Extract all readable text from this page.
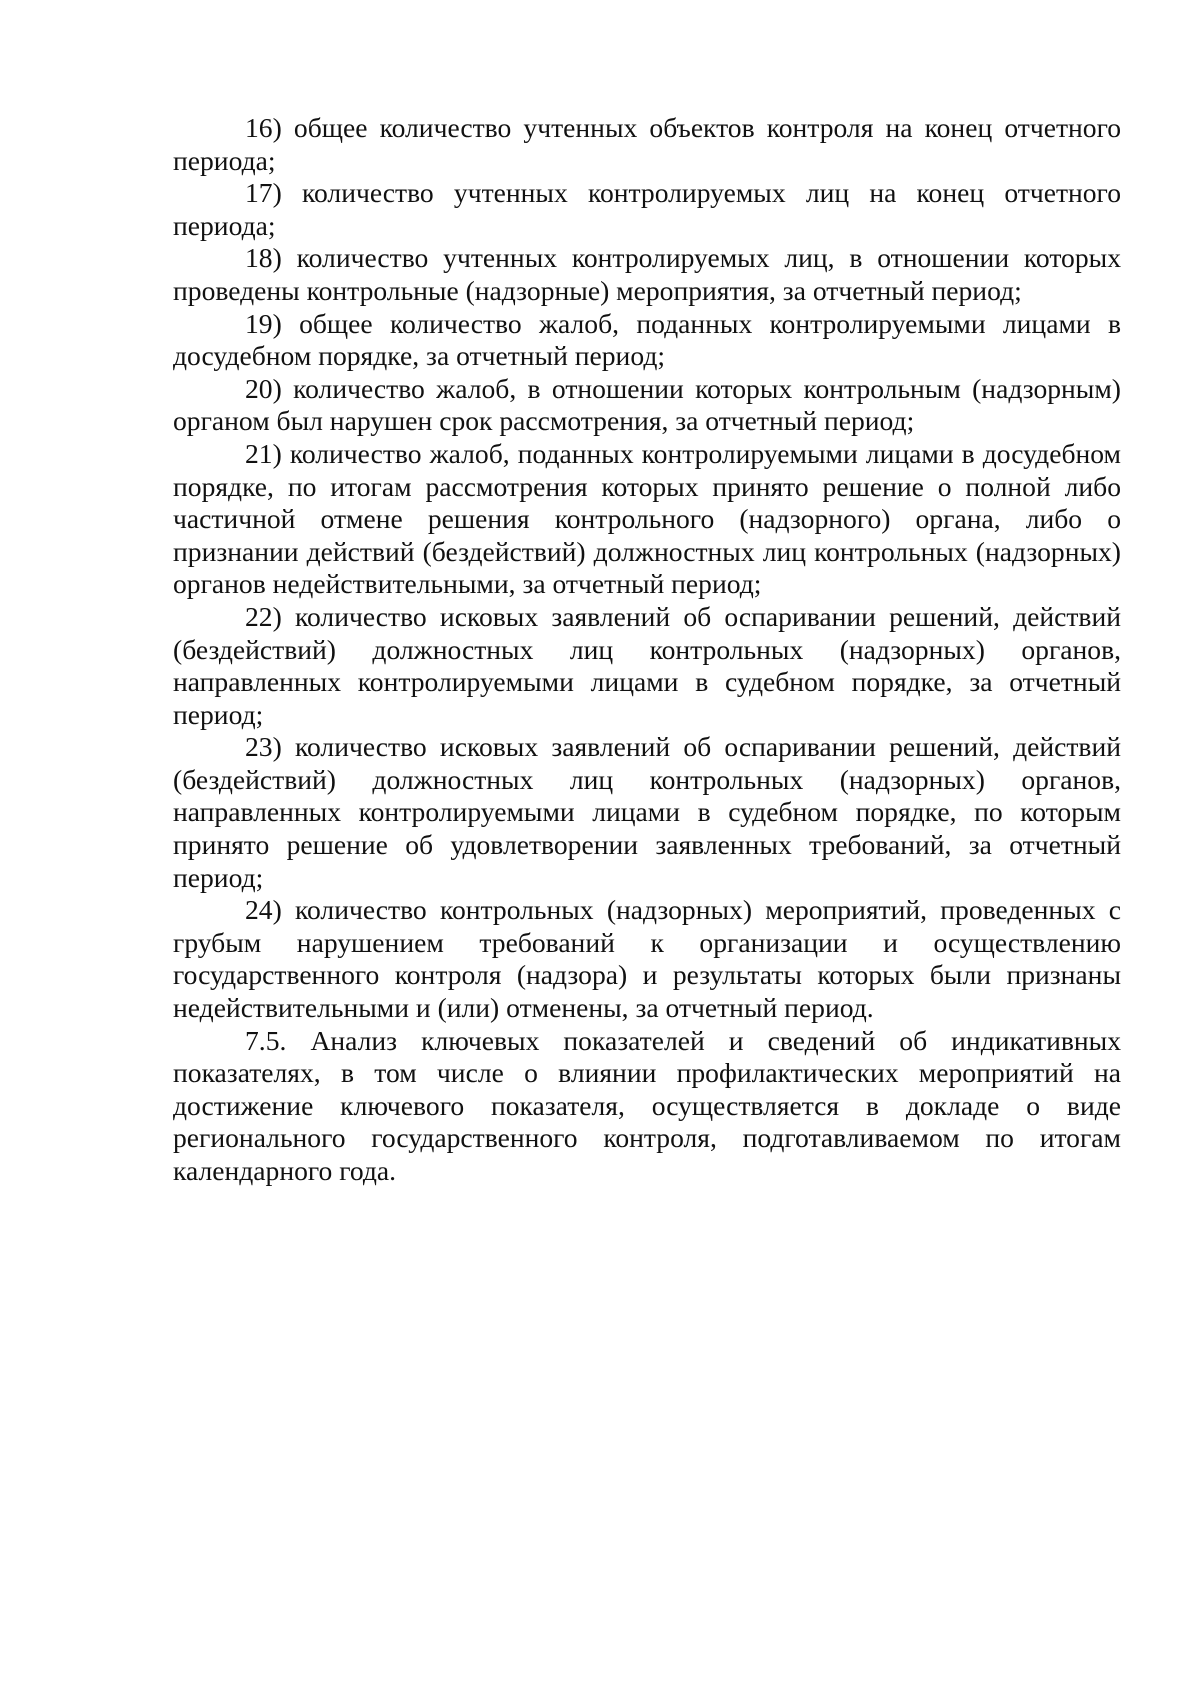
16) общее количество учтенных объектов контроля на конец отчетного периода;

17) количество учтенных контролируемых лиц на конец отчетного периода;

18) количество учтенных контролируемых лиц, в отношении которых проведены контрольные (надзорные) мероприятия, за отчетный период;

19) общее количество жалоб, поданных контролируемыми лицами в досудебном порядке, за отчетный период;

20) количество жалоб, в отношении которых контрольным (надзорным) органом был нарушен срок рассмотрения, за отчетный период;

21) количество жалоб, поданных контролируемыми лицами в досудебном порядке, по итогам рассмотрения которых принято решение о полной либо частичной отмене решения контрольного (надзорного) органа, либо о признании действий (бездействий) должностных лиц контрольных (надзорных) органов недействительными, за отчетный период;

22) количество исковых заявлений об оспаривании решений, действий (бездействий) должностных лиц контрольных (надзорных) органов, направленных контролируемыми лицами в судебном порядке, за отчетный период;

23) количество исковых заявлений об оспаривании решений, действий (бездействий) должностных лиц контрольных (надзорных) органов, направленных контролируемыми лицами в судебном порядке, по которым принято решение об удовлетворении заявленных требований, за отчетный период;

24) количество контрольных (надзорных) мероприятий, проведенных с грубым нарушением требований к организации и осуществлению государственного контроля (надзора) и результаты которых были признаны недействительными и (или) отменены, за отчетный период.

7.5. Анализ ключевых показателей и сведений об индикативных показателях, в том числе о влиянии профилактических мероприятий на достижение ключевого показателя, осуществляется в докладе о виде регионального государственного контроля, подготавливаемом по итогам календарного года.
